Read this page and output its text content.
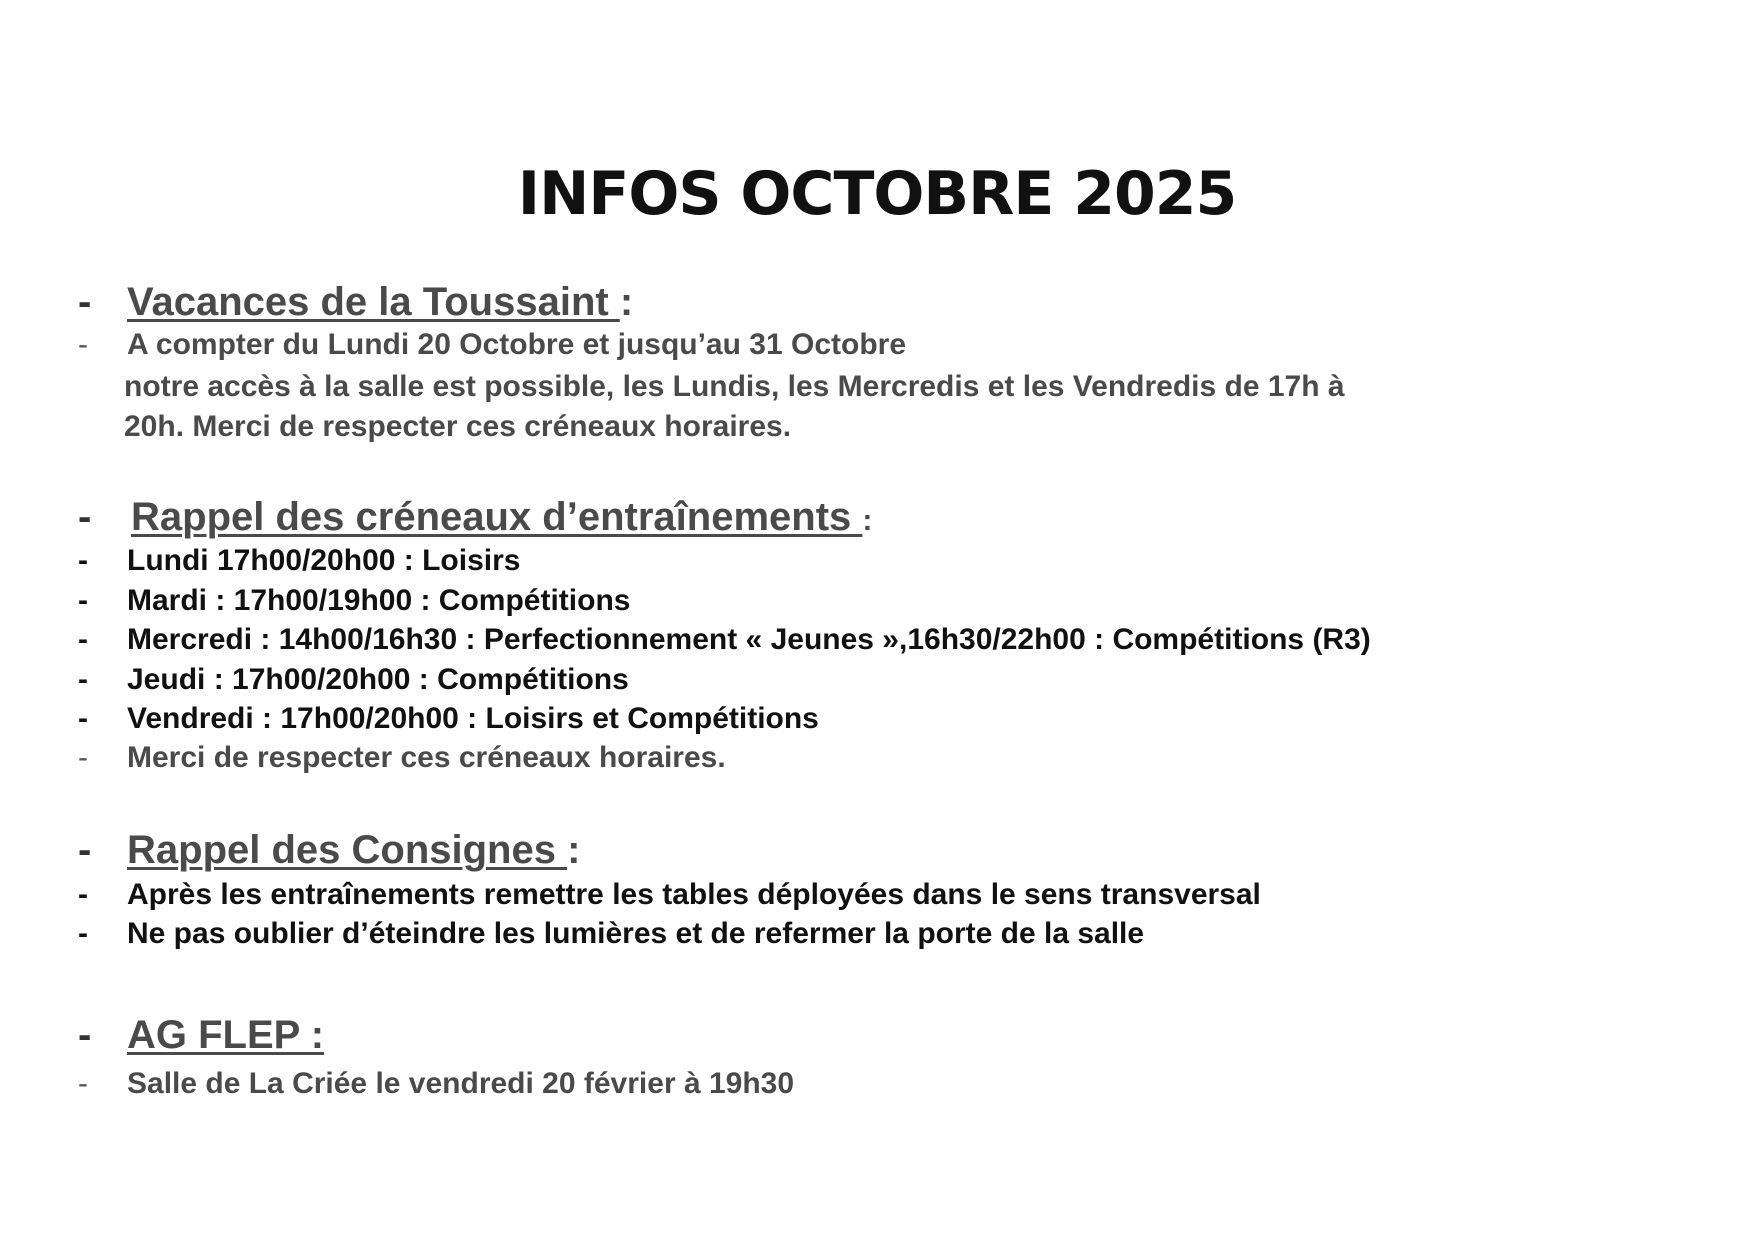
INFOS OCTOBRE 2025
- Vacances de la Toussaint :
- A compter du Lundi 20 Octobre et jusqu’au 31 Octobre
notre accès à la salle est possible, les Lundis, les Mercredis et les Vendredis de 17h à
20h. Merci de respecter ces créneaux horaires.
- Rappel des créneaux d’entraînements :
- Lundi 17h00/20h00 : Loisirs
- Mardi : 17h00/19h00 : Compétitions
- Mercredi : 14h00/16h30 : Perfectionnement « Jeunes »,16h30/22h00 : Compétitions (R3)
- Jeudi : 17h00/20h00 : Compétitions
- Vendredi : 17h00/20h00 : Loisirs et Compétitions
- Merci de respecter ces créneaux horaires.
- Rappel des Consignes :
- Après les entraînements remettre les tables déployées dans le sens transversal
- Ne pas oublier d’éteindre les lumières et de refermer la porte de la salle
- AG FLEP :
- Salle de La Criée le vendredi 20 février à 19h30
